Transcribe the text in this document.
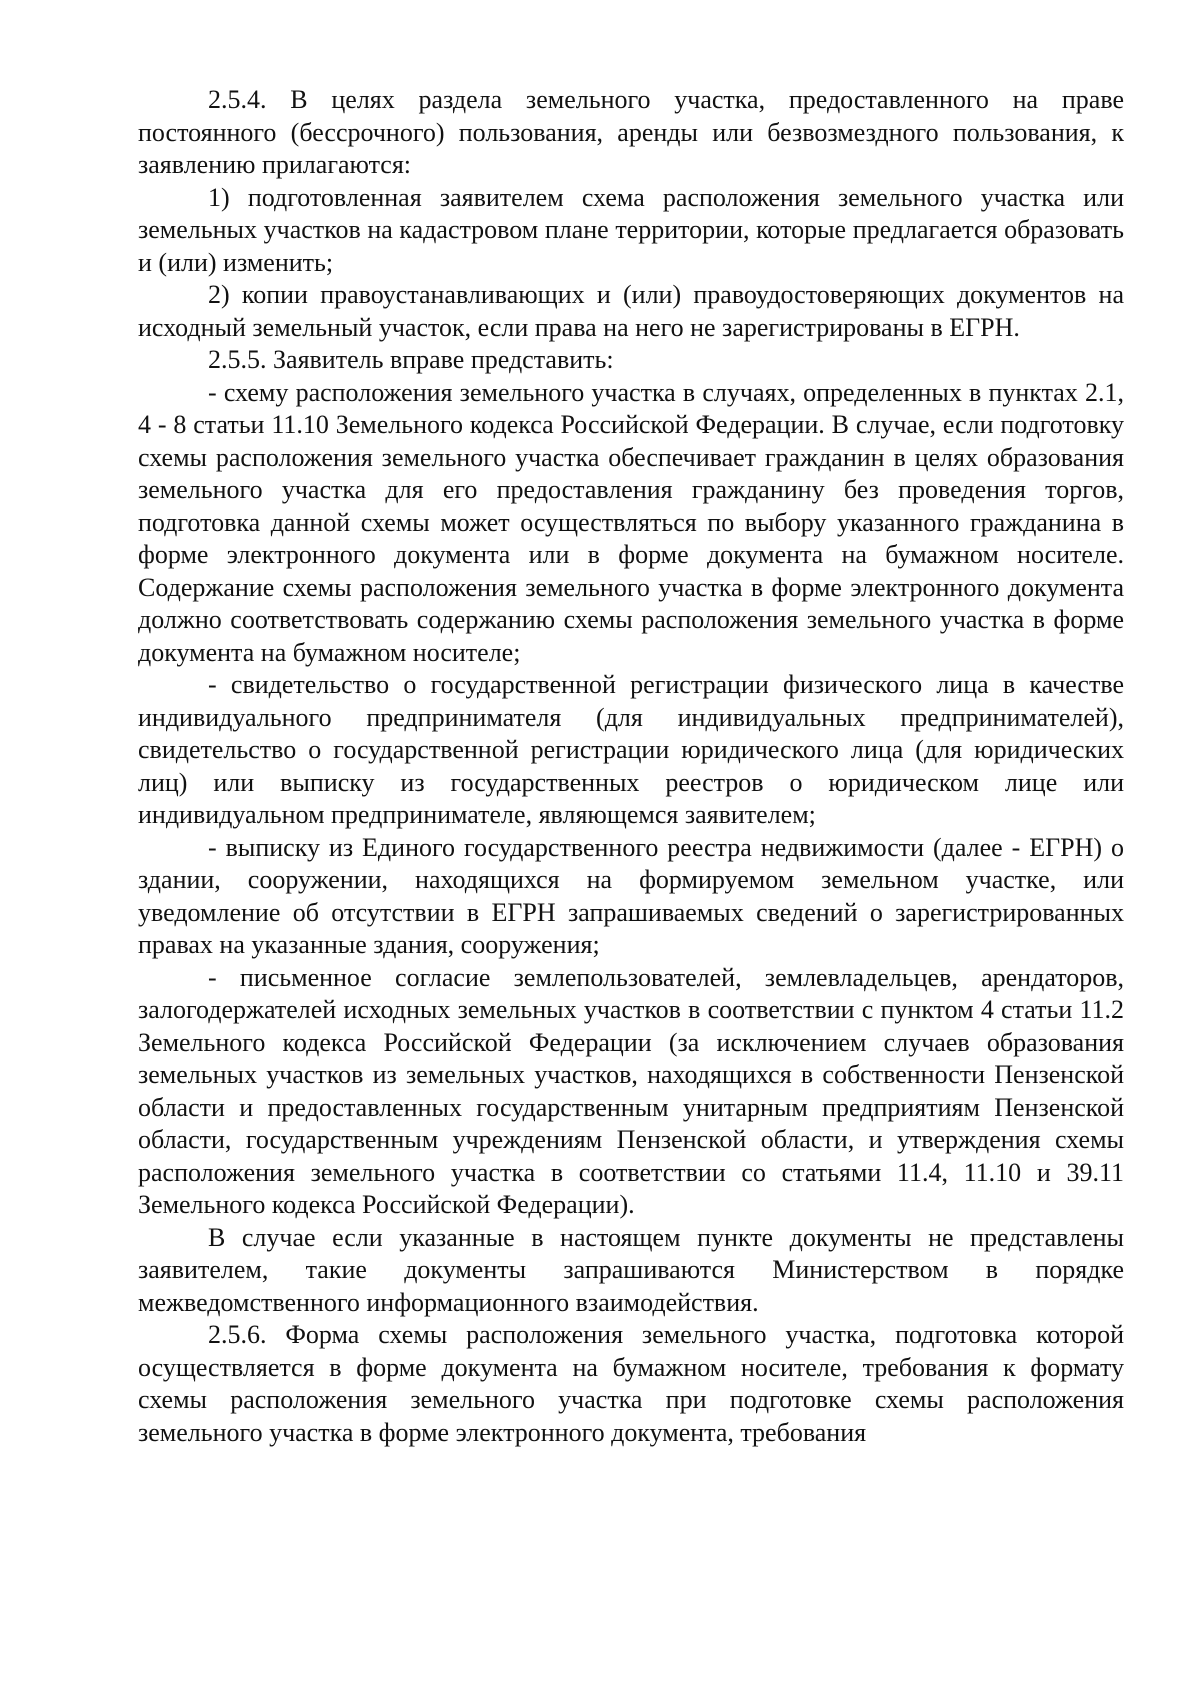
2.5.4. В целях раздела земельного участка, предоставленного на праве постоянного (бессрочного) пользования, аренды или безвозмездного пользования, к заявлению прилагаются:

1) подготовленная заявителем схема расположения земельного участка или земельных участков на кадастровом плане территории, которые предлагается образовать и (или) изменить;

2) копии правоустанавливающих и (или) правоудостоверяющих документов на исходный земельный участок, если права на него не зарегистрированы в ЕГРН.

2.5.5. Заявитель вправе представить:

- схему расположения земельного участка в случаях, определенных в пунктах 2.1, 4 - 8 статьи 11.10 Земельного кодекса Российской Федерации. В случае, если подготовку схемы расположения земельного участка обеспечивает гражданин в целях образования земельного участка для его предоставления гражданину без проведения торгов, подготовка данной схемы может осуществляться по выбору указанного гражданина в форме электронного документа или в форме документа на бумажном носителе. Содержание схемы расположения земельного участка в форме электронного документа должно соответствовать содержанию схемы расположения земельного участка в форме документа на бумажном носителе;

- свидетельство о государственной регистрации физического лица в качестве индивидуального предпринимателя (для индивидуальных предпринимателей), свидетельство о государственной регистрации юридического лица (для юридических лиц) или выписку из государственных реестров о юридическом лице или индивидуальном предпринимателе, являющемся заявителем;

- выписку из Единого государственного реестра недвижимости (далее - ЕГРН) о здании, сооружении, находящихся на формируемом земельном участке, или уведомление об отсутствии в ЕГРН запрашиваемых сведений о зарегистрированных правах на указанные здания, сооружения;

- письменное согласие землепользователей, землевладельцев, арендаторов, залогодержателей исходных земельных участков в соответствии с пунктом 4 статьи 11.2 Земельного кодекса Российской Федерации (за исключением случаев образования земельных участков из земельных участков, находящихся в собственности Пензенской области и предоставленных государственным унитарным предприятиям Пензенской области, государственным учреждениям Пензенской области, и утверждения схемы расположения земельного участка в соответствии со статьями 11.4, 11.10 и 39.11 Земельного кодекса Российской Федерации).

В случае если указанные в настоящем пункте документы не представлены заявителем, такие документы запрашиваются Министерством в порядке межведомственного информационного взаимодействия.

2.5.6. Форма схемы расположения земельного участка, подготовка которой осуществляется в форме документа на бумажном носителе, требования к формату схемы расположения земельного участка при подготовке схемы расположения земельного участка в форме электронного документа, требования
